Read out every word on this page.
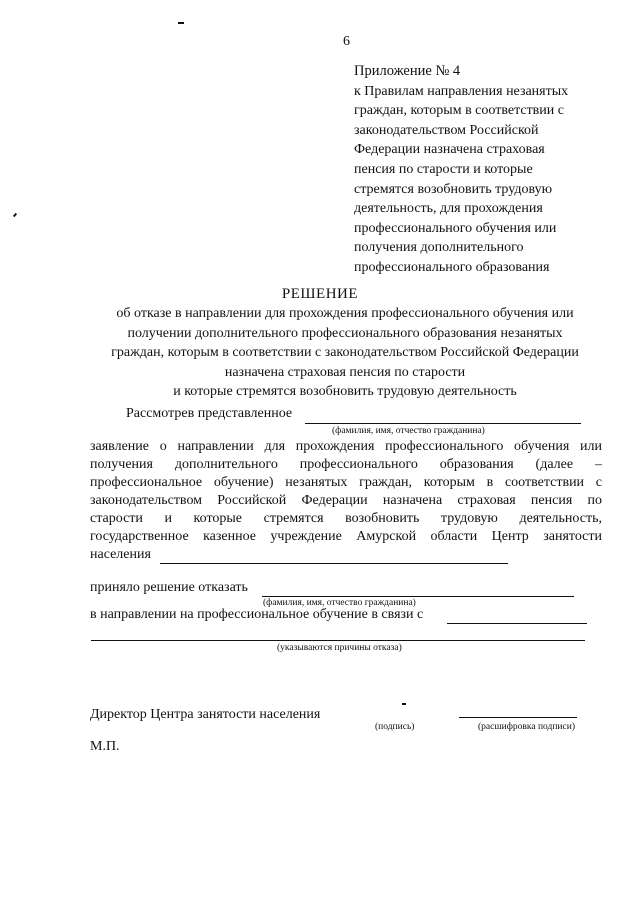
6
Приложение № 4
к Правилам направления незанятых
граждан, которым в соответствии с
законодательством Российской
Федерации назначена страховая
пенсия по старости и которые
стремятся возобновить трудовую
деятельность, для прохождения
профессионального обучения или
получения дополнительного
профессионального образования
РЕШЕНИЕ
об отказе в направлении для прохождения профессионального обучения или
получении дополнительного профессионального образования незанятых
граждан, которым в соответствии с законодательством Российской Федерации
назначена страховая пенсия по старости
и которые стремятся возобновить трудовую деятельность
Рассмотрев представленное
(фамилия, имя, отчество гражданина)
заявление о направлении для прохождения профессионального обучения или
получения дополнительного профессионального образования (далее –
профессиональное обучение) незанятых граждан, которым в соответствии с
законодательством Российской Федерации назначена страховая пенсия по
старости и которые стремятся возобновить трудовую деятельность,
государственное казенное учреждение Амурской области Центр занятости
населения
приняло решение отказать
(фамилия, имя, отчество гражданина)
в направлении на профессиональное обучение в связи с
(указываются причины отказа)
Директор Центра занятости населения
(подпись)	(расшифровка подписи)
М.П.
